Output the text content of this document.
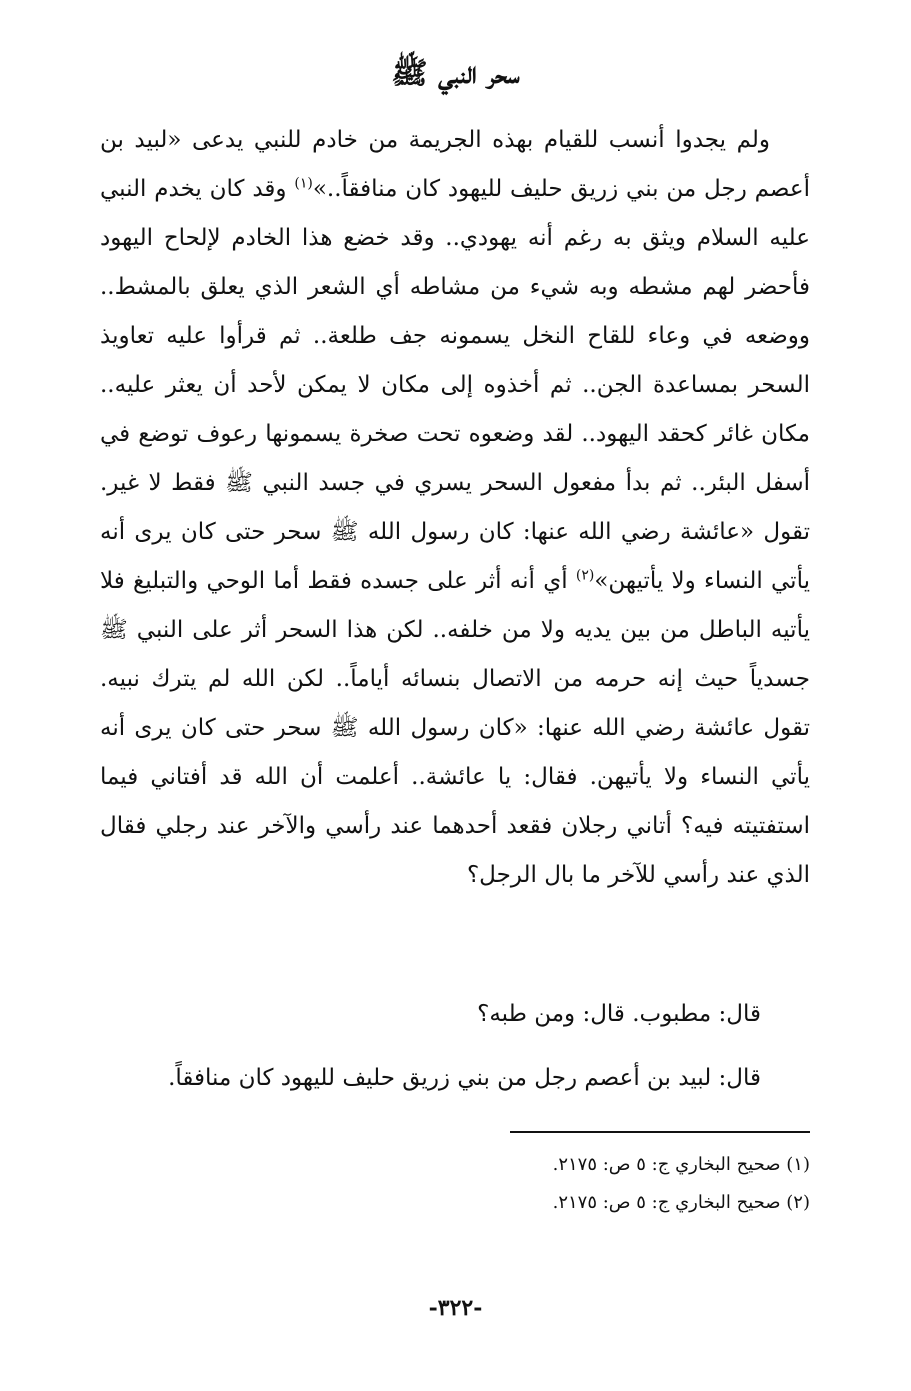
سحر النبي ﷺ

ولم يجدوا أنسب للقيام بهذه الجريمة من خادم للنبي يدعى «لبيد بن أعصم رجل من بني زريق حليف لليهود كان منافقاً..»$^{(١)}$ وقد كان يخدم النبي عليه السلام ويثق به رغم أنه يهودي.. وقد خضع هذا الخادم لإلحاح اليهود فأحضر لهم مشطه وبه شيء من مشاطه أي الشعر الذي يعلق بالمشط.. ووضعه في وعاء للقاح النخل يسمونه جف طلعة.. ثم قرأوا عليه تعاويذ السحر بمساعدة الجن.. ثم أخذوه إلى مكان لا يمكن لأحد أن يعثر عليه.. مكان غائر كحقد اليهود.. لقد وضعوه تحت صخرة يسمونها رعوف توضع في أسفل البئر.. ثم بدأ مفعول السحر يسري في جسد النبي ﷺ فقط لا غير. تقول «عائشة رضي الله عنها: كان رسول الله ﷺ سحر حتى كان يرى أنه يأتي النساء ولا يأتيهن»$^{(٢)}$ أي أنه أثر على جسده فقط أما الوحي والتبليغ فلا يأتيه الباطل من بين يديه ولا من خلفه.. لكن هذا السحر أثر على النبي ﷺ جسدياً حيث إنه حرمه من الاتصال بنسائه أياماً.. لكن الله لم يترك نبيه. تقول عائشة رضي الله عنها: «كان رسول الله ﷺ سحر حتى كان يرى أنه يأتي النساء ولا يأتيهن. فقال: يا عائشة.. أعلمت أن الله قد أفتاني فيما استفتيته فيه؟ أتاني رجلان فقعد أحدهما عند رأسي والآخر عند رجلي فقال الذي عند رأسي للآخر ما بال الرجل؟

قال: مطبوب. قال: ومن طبه؟
قال: لبيد بن أعصم رجل من بني زريق حليف لليهود كان منافقاً.
(١) صحيح البخاري ج: ٥ ص: ٢١٧٥.
(٢) صحيح البخاري ج: ٥ ص: ٢١٧٥.
-٣٢٢-
